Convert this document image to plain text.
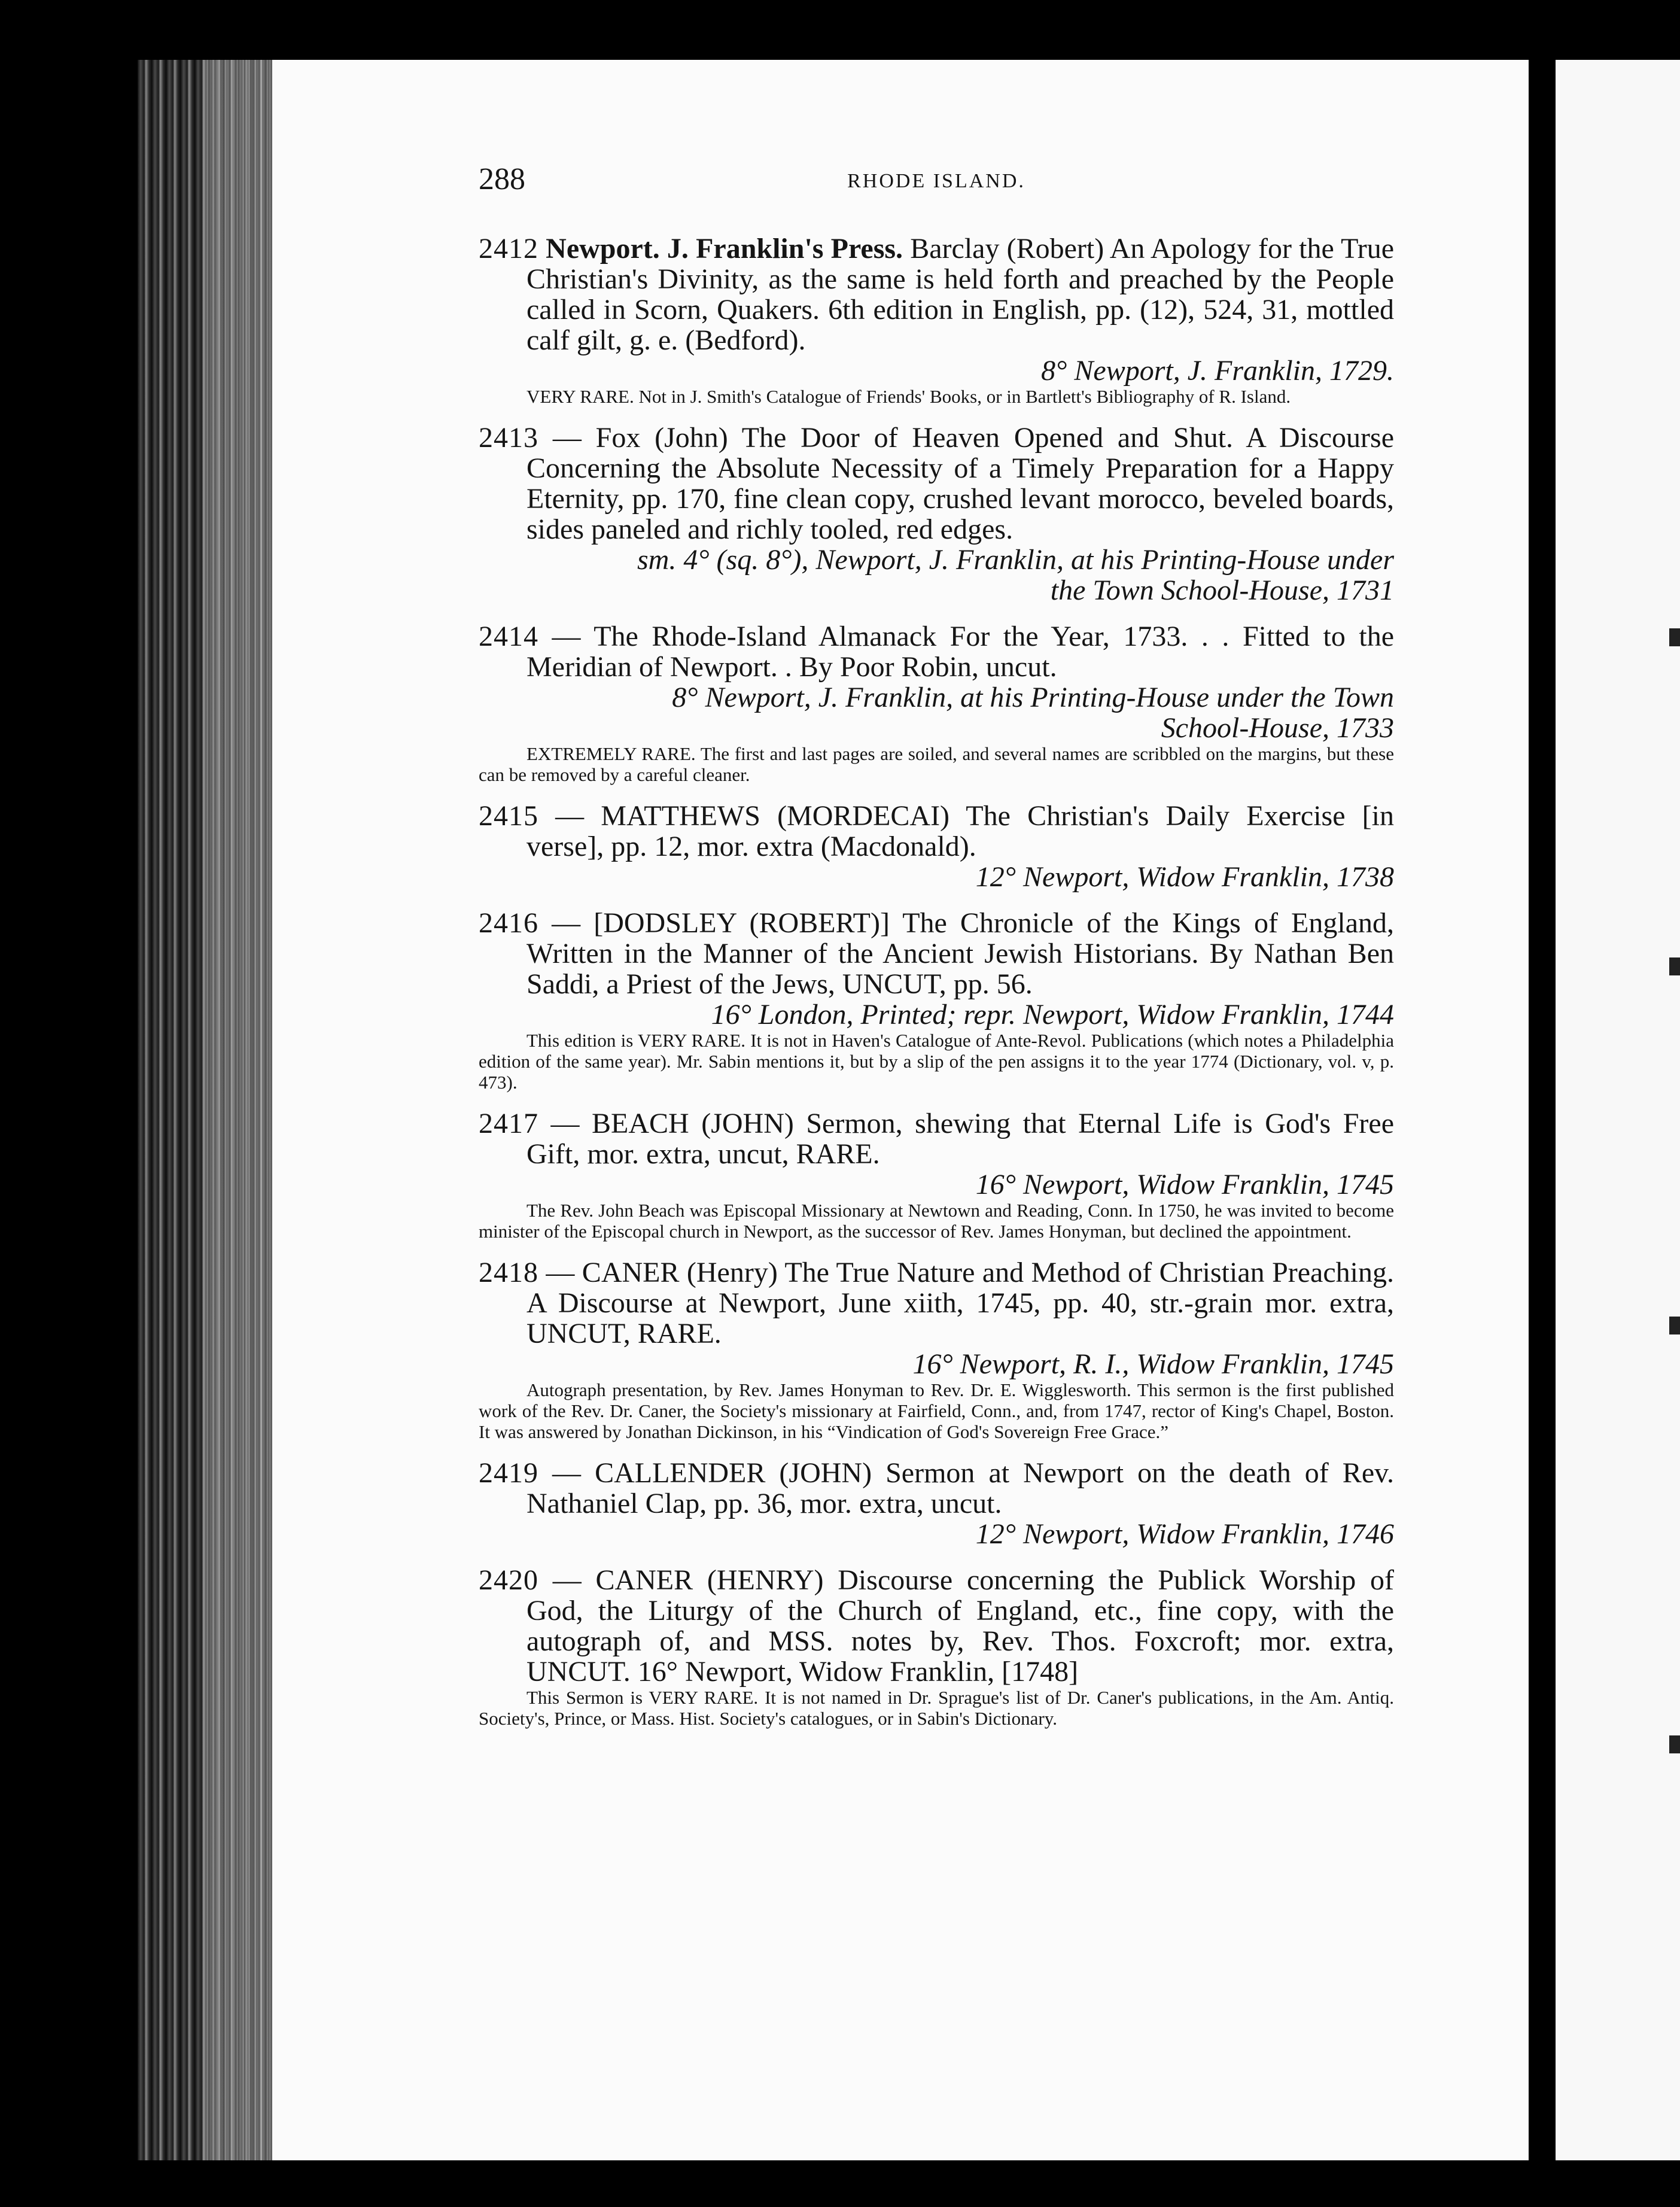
288	RHODE ISLAND.
2412 Newport. J. Franklin's Press. Barclay (Robert) An Apology for the True Christian's Divinity, as the same is held forth and preached by the People called in Scorn, Quakers. 6th edition in English, pp. (12), 524, 31, mottled calf gilt, g. e. (Bedford).
8° Newport, J. Franklin, 1729.
VERY RARE. Not in J. Smith's Catalogue of Friends' Books, or in Bartlett's Bibliography of R. Island.
2413 — Fox (John) The Door of Heaven Opened and Shut. A Discourse Concerning the Absolute Necessity of a Timely Preparation for a Happy Eternity, pp. 170, fine clean copy, crushed levant morocco, beveled boards, sides paneled and richly tooled, red edges.
sm. 4° (sq. 8°), Newport, J. Franklin, at his Printing-House under
the Town School-House, 1731
2414 — The Rhode-Island Almanack For the Year, 1733. . . Fitted to the Meridian of Newport. . By Poor Robin, uncut.
8° Newport, J. Franklin, at his Printing-House under the Town
School-House, 1733
EXTREMELY RARE. The first and last pages are soiled, and several names are scribbled on the margins, but these can be removed by a careful cleaner.
2415 — MATTHEWS (MORDECAI) The Christian's Daily Exercise [in verse], pp. 12, mor. extra (Macdonald).
12° Newport, Widow Franklin, 1738
2416 — [DODSLEY (ROBERT)] The Chronicle of the Kings of England, Written in the Manner of the Ancient Jewish Historians. By Nathan Ben Saddi, a Priest of the Jews, UNCUT, pp. 56.
16° London, Printed; repr. Newport, Widow Franklin, 1744
This edition is VERY RARE. It is not in Haven's Catalogue of Ante-Revol. Publications (which notes a Philadelphia edition of the same year). Mr. Sabin mentions it, but by a slip of the pen assigns it to the year 1774 (Dictionary, vol. v, p. 473).
2417 — BEACH (JOHN) Sermon, shewing that Eternal Life is God's Free Gift, mor. extra, uncut, RARE.
16° Newport, Widow Franklin, 1745
The Rev. John Beach was Episcopal Missionary at Newtown and Reading, Conn. In 1750, he was invited to become minister of the Episcopal church in Newport, as the successor of Rev. James Honyman, but declined the appointment.
2418 — CANER (Henry) The True Nature and Method of Christian Preaching. A Discourse at Newport, June xiith, 1745, pp. 40, str.-grain mor. extra, UNCUT, RARE.
16° Newport, R. I., Widow Franklin, 1745
Autograph presentation, by Rev. James Honyman to Rev. Dr. E. Wigglesworth. This sermon is the first published work of the Rev. Dr. Caner, the Society's missionary at Fairfield, Conn., and, from 1747, rector of King's Chapel, Boston. It was answered by Jonathan Dickinson, in his “Vindication of God's Sovereign Free Grace.”
2419 — CALLENDER (JOHN) Sermon at Newport on the death of Rev. Nathaniel Clap, pp. 36, mor. extra, uncut.
12° Newport, Widow Franklin, 1746
2420 — CANER (HENRY) Discourse concerning the Publick Worship of God, the Liturgy of the Church of England, etc., fine copy, with the autograph of, and MSS. notes by, Rev. Thos. Foxcroft; mor. extra, UNCUT. 16° Newport, Widow Franklin, [1748]
This Sermon is VERY RARE. It is not named in Dr. Sprague's list of Dr. Caner's publications, in the Am. Antiq. Society's, Prince, or Mass. Hist. Society's catalogues, or in Sabin's Dictionary.
